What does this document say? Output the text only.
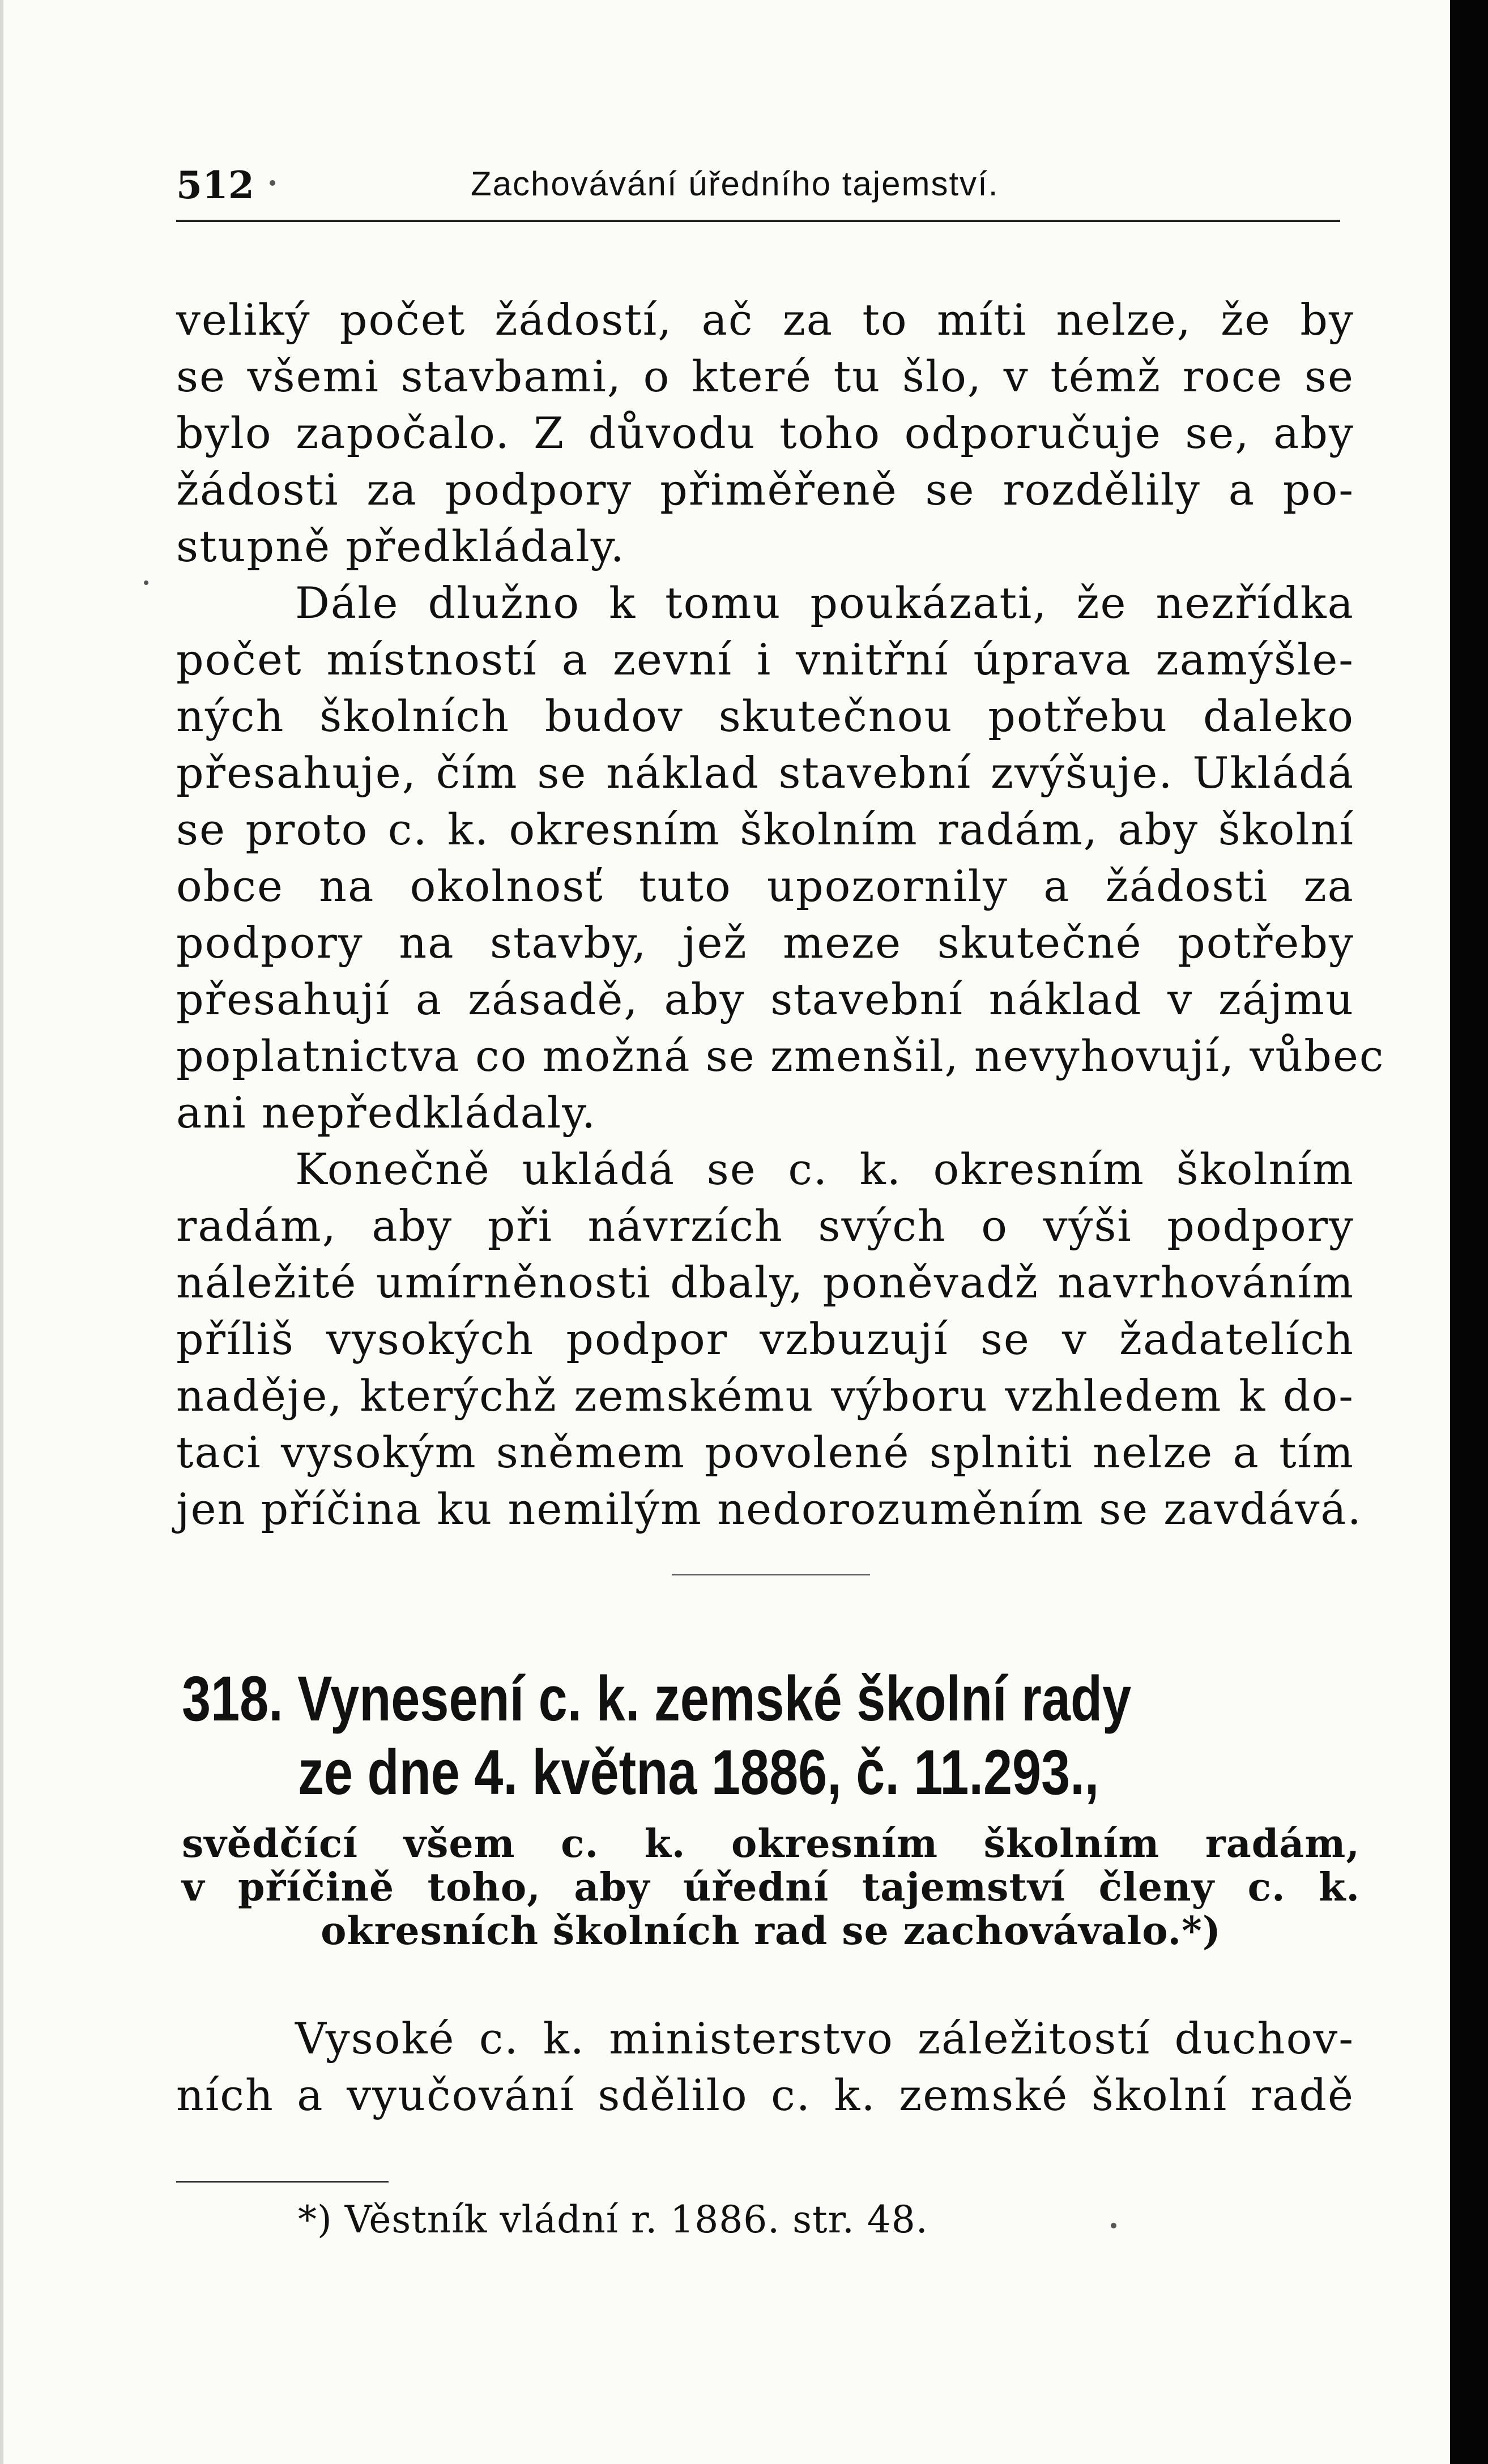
512	Zachovávání úředního tajemství.
veliký počet žádostí, ač za to míti nelze, že by
se všemi stavbami, o které tu šlo, v témž roce se
bylo započalo. Z důvodu toho odporučuje se, aby
žádosti za podpory přiměřeně se rozdělily a po-
stupně předkládaly.
Dále dlužno k tomu poukázati, že nezřídka
počet místností a zevní i vnitřní úprava zamýšle-
ných školních budov skutečnou potřebu daleko
přesahuje, čím se náklad stavební zvýšuje. Ukládá
se proto c. k. okresním školním radám, aby školní
obce na okolnosť tuto upozornily a žádosti za
podpory na stavby, jež meze skutečné potřeby
přesahují a zásadě, aby stavební náklad v zájmu
poplatnictva co možná se zmenšil, nevyhovují, vůbec
ani nepředkládaly.
Konečně ukládá se c. k. okresním školním
radám, aby při návrzích svých o výši podpory
náležité umírněnosti dbaly, poněvadž navrhováním
příliš vysokých podpor vzbuzují se v žadatelích
naděje, kterýchž zemskému výboru vzhledem k do-
taci vysokým sněmem povolené splniti nelze a tím
jen příčina ku nemilým nedorozuměním se zavdává.
318. Vynesení c. k. zemské školní rady
ze dne 4. května 1886, č. 11.293.,
svědčící všem c. k. okresním školním radám,
v příčině toho, aby úřední tajemství členy c. k.
okresních školních rad se zachovávalo.*)
Vysoké c. k. ministerstvo záležitostí duchov-
ních a vyučování sdělilo c. k. zemské školní radě
*) Věstník vládní r. 1886. str. 48.
